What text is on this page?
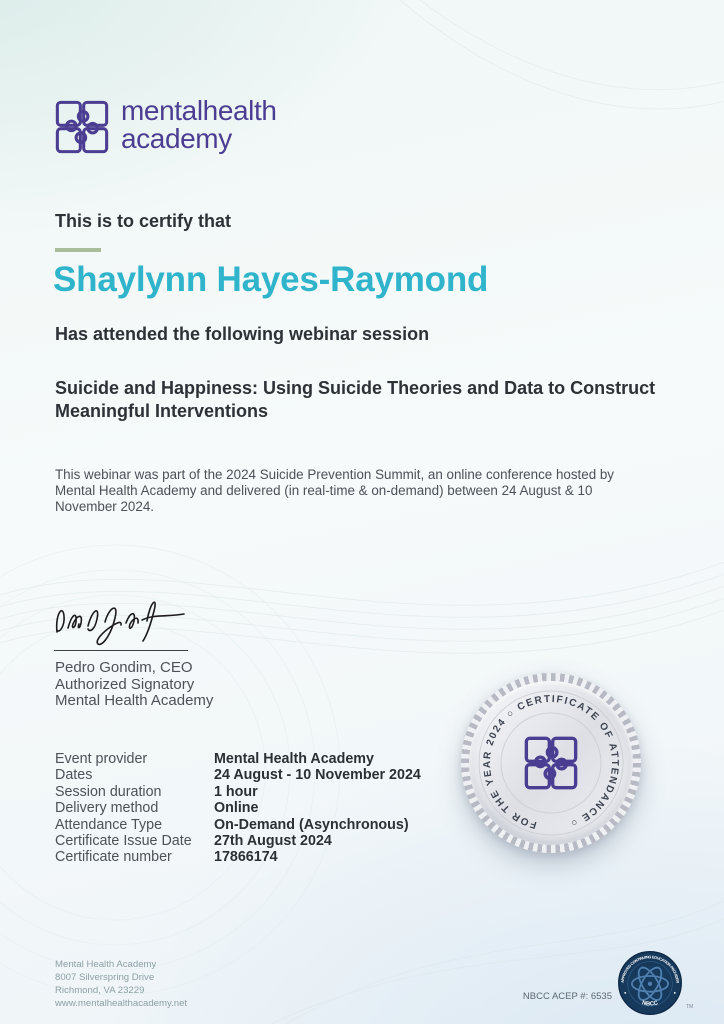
mentalhealth
academy

This is to certify that

Shaylynn Hayes-Raymond

Has attended the following webinar session

Suicide and Happiness: Using Suicide Theories and Data to Construct Meaningful Interventions

This webinar was part of the 2024 Suicide Prevention Summit, an online conference hosted by Mental Health Academy and delivered (in real-time & on-demand) between 24 August & 10 November 2024.

Pedro Gondim, CEO

Authorized Signatory

Mental Health Academy

Event provider	Mental Health Academy
Dates	24 August - 10 November 2024
Session duration	1 hour
Delivery method	Online
Attendance Type	On-Demand (Asynchronous)
Certificate Issue Date	27th August 2024
Certificate number	17866174
FOR THE YEAR 2024 ○ CERTIFICATE OF ATTENDANCE ○

Mental Health Academy

8007 Silverspring Drive

Richmond, VA 23229

www.mentalhealthacademy.net

NBCC ACEP #: 6535
APPROVED CONTINUING EDUCATION PROVIDER
NBCC	TM
